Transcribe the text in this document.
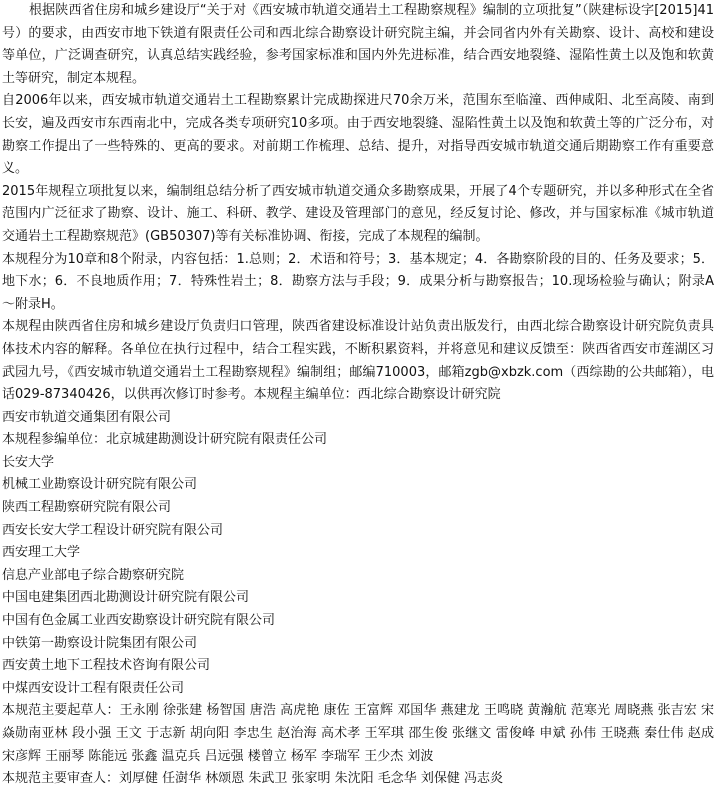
根据陕西省住房和城乡建设厅“关于对《西安城市轨道交通岩土工程勘察规程》编制的立项批复”（陕建标设字[2015]41号）的要求，由西安市地下铁道有限责任公司和西北综合勘察设计研究院主编，并会同省内外有关勘察、设计、高校和建设等单位，广泛调查研究，认真总结实践经验，参考国家标准和国内外先进标准，结合西安地裂缝、湿陷性黄土以及饱和软黄土等研究，制定本规程。

自2006年以来，西安城市轨道交通岩土工程勘察累计完成勘探进尺70余万米，范围东至临潼、西伸咸阳、北至高陵、南到长安，遍及西安市东西南北中，完成各类专项研究10多项。由于西安地裂缝、湿陷性黄土以及饱和软黄土等的广泛分布，对勘察工作提出了一些特殊的、更高的要求。对前期工作梳理、总结、提升，对指导西安城市轨道交通后期勘察工作有重要意义。

2015年规程立项批复以来，编制组总结分析了西安城市轨道交通众多勘察成果，开展了4个专题研究，并以多种形式在全省范围内广泛征求了勘察、设计、施工、科研、教学、建设及管理部门的意见，经反复讨论、修改，并与国家标准《城市轨道交通岩土工程勘察规范》(GB50307)等有关标准协调、衔接，完成了本规程的编制。

本规程分为10章和8个附录，内容包括：1.总则；2．术语和符号；3．基本规定；4．各勘察阶段的目的、任务及要求；5．地下水；6．不良地质作用；7．特殊性岩土；8．勘察方法与手段；9．成果分析与勘察报告；10.现场检验与确认；附录A～附录H。

本规程由陕西省住房和城乡建设厅负责归口管理，陕西省建设标准设计站负责出版发行，由西北综合勘察设计研究院负责具体技术内容的解释。各单位在执行过程中，结合工程实践，不断积累资料，并将意见和建议反馈至：陕西省西安市莲湖区习武园九号，《西安城市轨道交通岩土工程勘察规程》编制组；邮编710003，邮箱zgb@xbzk.com（西综勘的公共邮箱），电话029-87340426，以供再次修订时参考。本规程主编单位：西北综合勘察设计研究院

西安市轨道交通集团有限公司

本规程参编单位：北京城建勘测设计研究院有限责任公司

长安大学

机械工业勘察设计研究院有限公司

陕西工程勘察研究院有限公司

西安长安大学工程设计研究院有限公司

西安理工大学

信息产业部电子综合勘察研究院

中国电建集团西北勘测设计研究院有限公司

中国有色金属工业西安勘察设计研究院有限公司

中铁第一勘察设计院集团有限公司

西安黄土地下工程技术咨询有限公司

中煤西安设计工程有限责任公司

本规范主要起草人：王永刚 徐张建 杨智国 唐浩 高虎艳 康佐 王富辉 邓国华 燕建龙 王鸣晓 黄瀚航 范寒光 周晓燕 张吉宏 宋焱勋南亚林 段小强 王文 于志新 胡向阳 李忠生 赵治海 高术孝 王军琪 邵生俊 张继文 雷俊峰 申斌 孙伟 王晓燕 秦仕伟 赵成 宋彦辉 王丽琴 陈能远 张鑫 温克兵 吕远强 楼曾立 杨军 李瑞军 王少杰 刘波

本规范主要审查人：刘厚健 任澍华 林颂恩 朱武卫 张家明 朱沈阳 毛念华 刘保健 冯志炎
